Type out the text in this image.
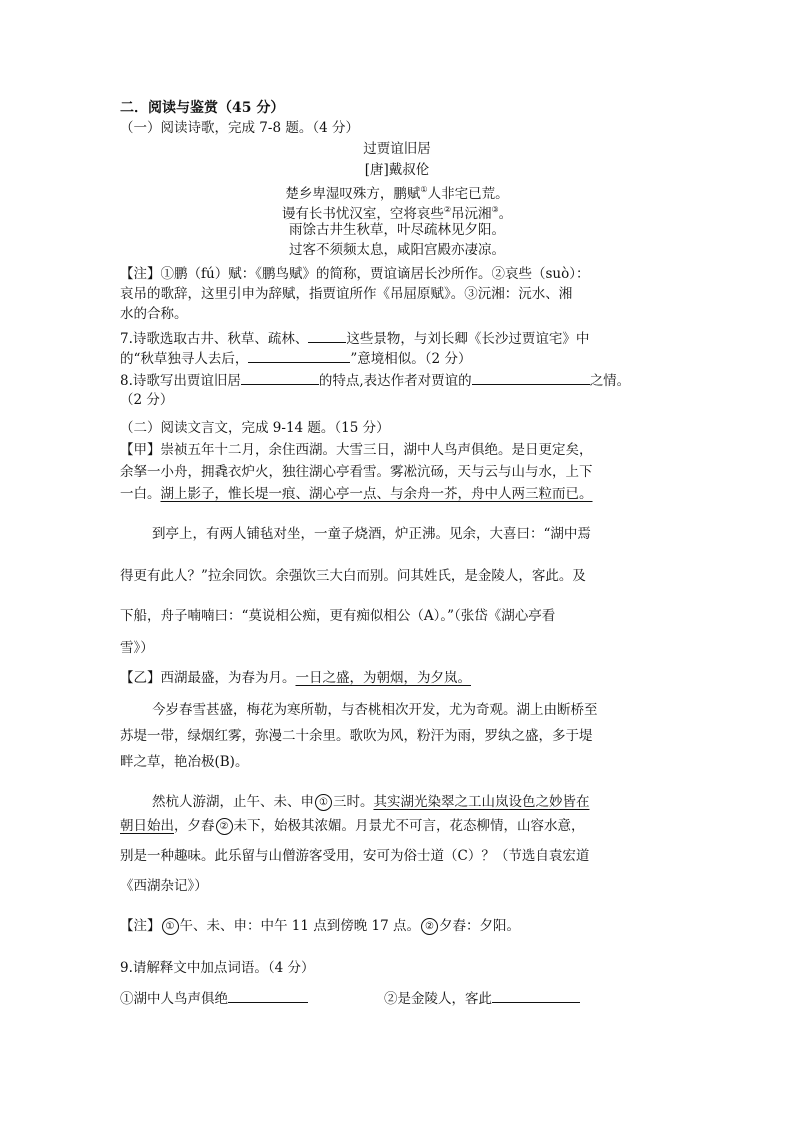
二．阅读与鉴赏（45 分）
（一）阅读诗歌，完成 7-8 题。（4 分）
过贾谊旧居
[唐]戴叔伦
楚乡卑湿叹殊方，鹏赋①人非宅已荒。
谩有长书忧汉室，空将哀些②吊沅湘③。
雨馀古井生秋草，叶尽疏林见夕阳。
过客不须频太息，咸阳宫殿亦凄凉。
【注】①鹏（fú）赋：《鹏鸟赋》的简称，贾谊谪居长沙所作。②哀些（suò）：
哀吊的歌辞，这里引申为辞赋，指贾谊所作《吊屈原赋》。③沅湘：沅水、湘
水的合称。
7.诗歌选取古井、秋草、疏林、	这些景物，与刘长卿《长沙过贾谊宅》中
的“秋草独寻人去后，	”意境相似。（2 分）
8.诗歌写出贾谊旧居	的特点,表达作者对贾谊的	之情。
（2 分）
（二）阅读文言文，完成 9-14 题。（15 分）
【甲】崇祯五年十二月，余住西湖。大雪三日，湖中人鸟声俱绝。是日更定矣，
余拏一小舟，拥毳衣炉火，独往湖心亭看雪。雾凇沆砀，天与云与山与水，上下
一白。湖上影子，惟长堤一痕、湖心亭一点、与余舟一芥，舟中人两三粒而已。
到亭上，有两人铺毡对坐，一童子烧酒，炉正沸。见余，大喜曰：“湖中焉
得更有此人？”拉余同饮。余强饮三大白而别。问其姓氏，是金陵人，客此。及
下船，舟子喃喃曰：“莫说相公痴，更有痴似相公（A）。”（张岱《湖心亭看
雪》）
【乙】西湖最盛，为春为月。一日之盛，为朝烟，为夕岚。
今岁春雪甚盛，梅花为寒所勒，与杏桃相次开发，尤为奇观。湖上由断桥至
苏堤一带，绿烟红雾，弥漫二十余里。歌吹为风，粉汗为雨，罗纨之盛，多于堤
畔之草，艳冶极(B)。
然杭人游湖，止午、未、申 ① 三时。其实湖光染翠之工山岚设色之妙皆在
朝日始出，夕舂 ② 未下，始极其浓媚。月景尤不可言，花态柳情，山容水意，
别是一种趣味。此乐留与山僧游客受用，安可为俗士道（C）？（节选自袁宏道
《西湖杂记》）
【注】 ① 午、未、申：中午 11 点到傍晚 17 点。 ② 夕舂：夕阳。
9.请解释文中加点词语。（4 分）
①湖中人鸟声俱绝	②是金陵人，客此
